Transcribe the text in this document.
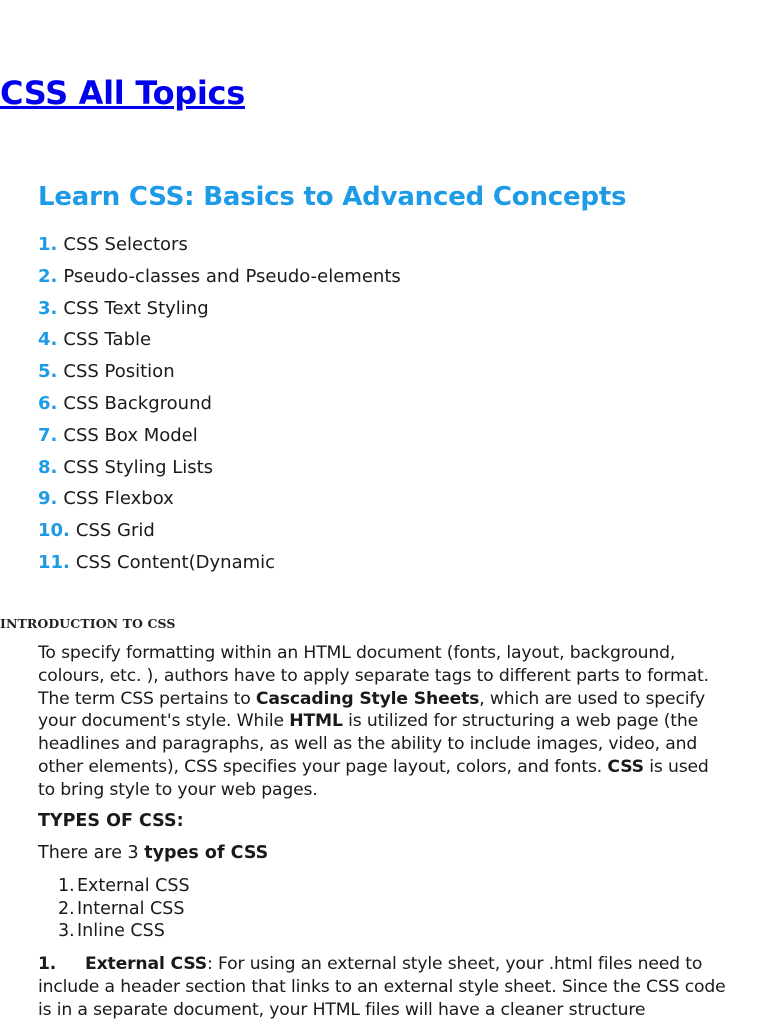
CSS All Topics
Learn CSS: Basics to Advanced Concepts
1. CSS Selectors
2. Pseudo-classes and Pseudo-elements
3. CSS Text Styling
4. CSS Table
5. CSS Position
6. CSS Background
7. CSS Box Model
8. CSS Styling Lists
9. CSS Flexbox
10. CSS Grid
11. CSS Content(Dynamic
INTRODUCTION TO CSS

To specify formatting within an HTML document (fonts, layout, background, colours, etc. ), authors have to apply separate tags to different parts to format. The term CSS pertains to Cascading Style Sheets, which are used to specify your document's style. While HTML is utilized for structuring a web page (the headlines and paragraphs, as well as the ability to include images, video, and other elements), CSS specifies your page layout, colors, and fonts. CSS is used to bring style to your web pages.

TYPES OF CSS:

There are 3 types of CSS

1. External CSS
2. Internal CSS
3. Inline CSS

1. External CSS: For using an external style sheet, your .html files need to include a header section that links to an external style sheet. Since the CSS code is in a separate document, your HTML files will have a cleaner structure
